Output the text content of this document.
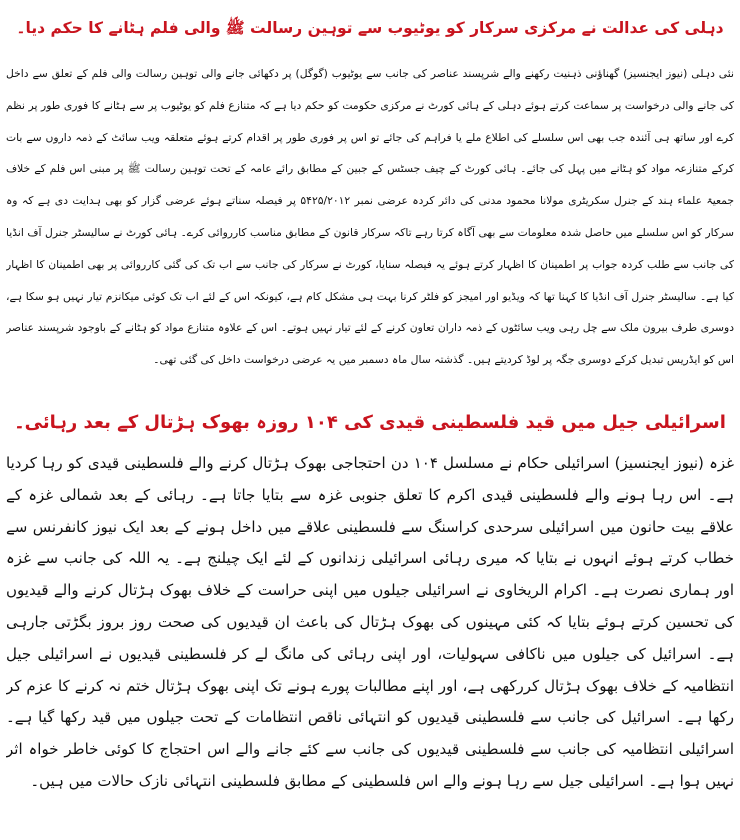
دہلی کی عدالت نے مرکزی سرکار کو یوٹیوب سے توہین رسالت ﷺ والی فلم ہٹانے کا حکم دیا۔

نئی دہلی (نیوز ایجنسیز) گھناؤنی ذہنیت رکھنے والے شرپسند عناصر کی جانب سے یوٹیوب (گوگل) پر دکھائی جانے والی توہین رسالت والی فلم کے تعلق سے داخل کی جانے والی درخواست پر سماعت کرتے ہوئے دہلی کے ہائی کورٹ نے مرکزی حکومت کو حکم دیا ہے کہ متنازع فلم کو یوٹیوب پر سے ہٹانے کا فوری طور پر نظم کرے اور ساتھ ہی آئندہ جب بھی اس سلسلے کی اطلاع ملے یا فراہم کی جائے تو اس پر فوری طور پر اقدام کرتے ہوئے متعلقہ ویب سائٹ کے ذمہ داروں سے بات کرکے متنازعہ مواد کو ہٹانے میں پہل کی جائے۔ ہائی کورٹ کے چیف جسٹس کے جبین کے مطابق رائے عامہ کے تحت توہین رسالت ﷺ پر مبنی اس فلم کے خلاف جمعیۃ علماء ہند کے جنرل سکریٹری مولانا محمود مدنی کی دائر کردہ عرضی نمبر ۵۴۲۵/۲۰۱۲ پر فیصلہ سناتے ہوئے عرضی گزار کو بھی ہدایت دی ہے کہ وہ سرکار کو اس سلسلے میں حاصل شدہ معلومات سے بھی آگاہ کرتا رہے تاکہ سرکار قانون کے مطابق مناسب کارروائی کرے۔ ہائی کورٹ نے سالیسٹر جنرل آف انڈیا کی جانب سے طلب کردہ جواب پر اطمینان کا اظہار کرتے ہوئے یہ فیصلہ سنایا، کورٹ نے سرکار کی جانب سے اب تک کی گئی کارروائی پر بھی اطمینان کا اظہار کیا ہے۔ سالیسٹر جنرل آف انڈیا کا کہنا تھا کہ ویڈیو اور امیجز کو فلٹر کرنا بہت ہی مشکل کام ہے، کیونکہ اس کے لئے اب تک کوئی میکانزم تیار نہیں ہو سکا ہے، دوسری طرف بیرون ملک سے چل رہی ویب سائٹوں کے ذمہ داران تعاون کرنے کے لئے تیار نہیں ہوتے۔ اس کے علاوہ متنازع مواد کو ہٹانے کے باوجود شرپسند عناصر اس کو ایڈریس تبدیل کرکے دوسری جگہ پر لوڈ کردیتے ہیں۔ گذشتہ سال ماہ دسمبر میں یہ عرضی درخواست داخل کی گئی تھی۔

اسرائیلی جیل میں قید فلسطینی قیدی کی ۱۰۴ روزہ بھوک ہڑتال کے بعد رہائی۔

غزہ (نیوز ایجنسیز) اسرائیلی حکام نے مسلسل ۱۰۴ دن احتجاجی بھوک ہڑتال کرنے والے فلسطینی قیدی کو رہا کردیا ہے۔ اس رہا ہونے والے فلسطینی قیدی اکرم کا تعلق جنوبی غزہ سے بتایا جاتا ہے۔ رہائی کے بعد شمالی غزہ کے علاقے بیت حانون میں اسرائیلی سرحدی کراسنگ سے فلسطینی علاقے میں داخل ہونے کے بعد ایک نیوز کانفرنس سے خطاب کرتے ہوئے انہوں نے بتایا کہ میری رہائی اسرائیلی زندانوں کے لئے ایک چیلنج ہے۔ یہ اللہ کی جانب سے غزہ اور ہماری نصرت ہے۔ اکرام الریخاوی نے اسرائیلی جیلوں میں اپنی حراست کے خلاف بھوک ہڑتال کرنے والے قیدیوں کی تحسین کرتے ہوئے بتایا کہ کئی مہینوں کی بھوک ہڑتال کی باعث ان قیدیوں کی صحت روز بروز بگڑتی جارہی ہے۔ اسرائیل کی جیلوں میں ناکافی سہولیات، اور اپنی رہائی کی مانگ لے کر فلسطینی قیدیوں نے اسرائیلی جیل انتظامیہ کے خلاف بھوک ہڑتال کررکھی ہے، اور اپنے مطالبات پورے ہونے تک اپنی بھوک ہڑتال ختم نہ کرنے کا عزم کر رکھا ہے۔ اسرائیل کی جانب سے فلسطینی قیدیوں کو انتہائی ناقص انتظامات کے تحت جیلوں میں قید رکھا گیا ہے۔ اسرائیلی انتظامیہ کی جانب سے فلسطینی قیدیوں کی جانب سے کئے جانے والے اس احتجاج کا کوئی خاطر خواہ اثر نہیں ہوا ہے۔ اسرائیلی جیل سے رہا ہونے والے اس فلسطینی کے مطابق فلسطینی انتہائی نازک حالات میں ہیں۔
